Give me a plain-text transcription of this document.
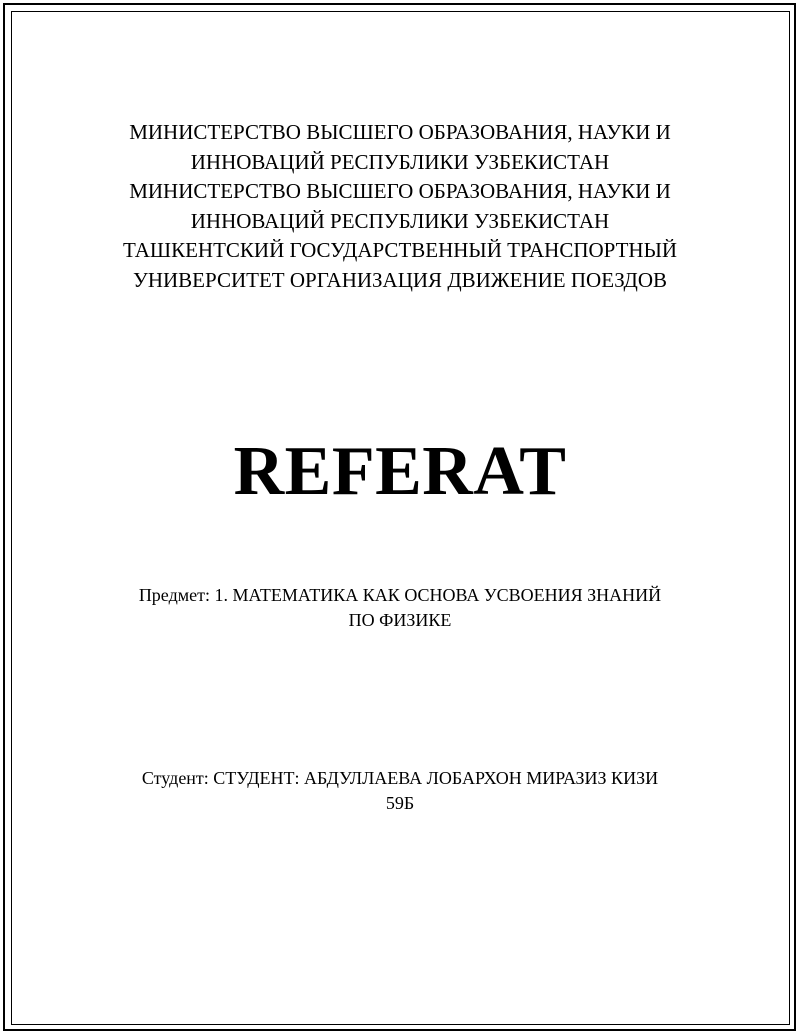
МИНИСТЕРСТВО ВЫСШЕГО ОБРАЗОВАНИЯ, НАУКИ И
ИННОВАЦИЙ РЕСПУБЛИКИ УЗБЕКИСТАН
МИНИСТЕРСТВО ВЫСШЕГО ОБРАЗОВАНИЯ, НАУКИ И
ИННОВАЦИЙ РЕСПУБЛИКИ УЗБЕКИСТАН
ТАШКЕНТСКИЙ ГОСУДАРСТВЕННЫЙ ТРАНСПОРТНЫЙ
УНИВЕРСИТЕТ ОРГАНИЗАЦИЯ ДВИЖЕНИЕ ПОЕЗДОВ
REFERAT
Предмет: 1. МАТЕМАТИКА КАК ОСНОВА УСВОЕНИЯ ЗНАНИЙ
ПО ФИЗИКЕ
Студент: СТУДЕНТ: АБДУЛЛАЕВА ЛОБАРХОН МИРАЗИЗ КИЗИ
59Б
